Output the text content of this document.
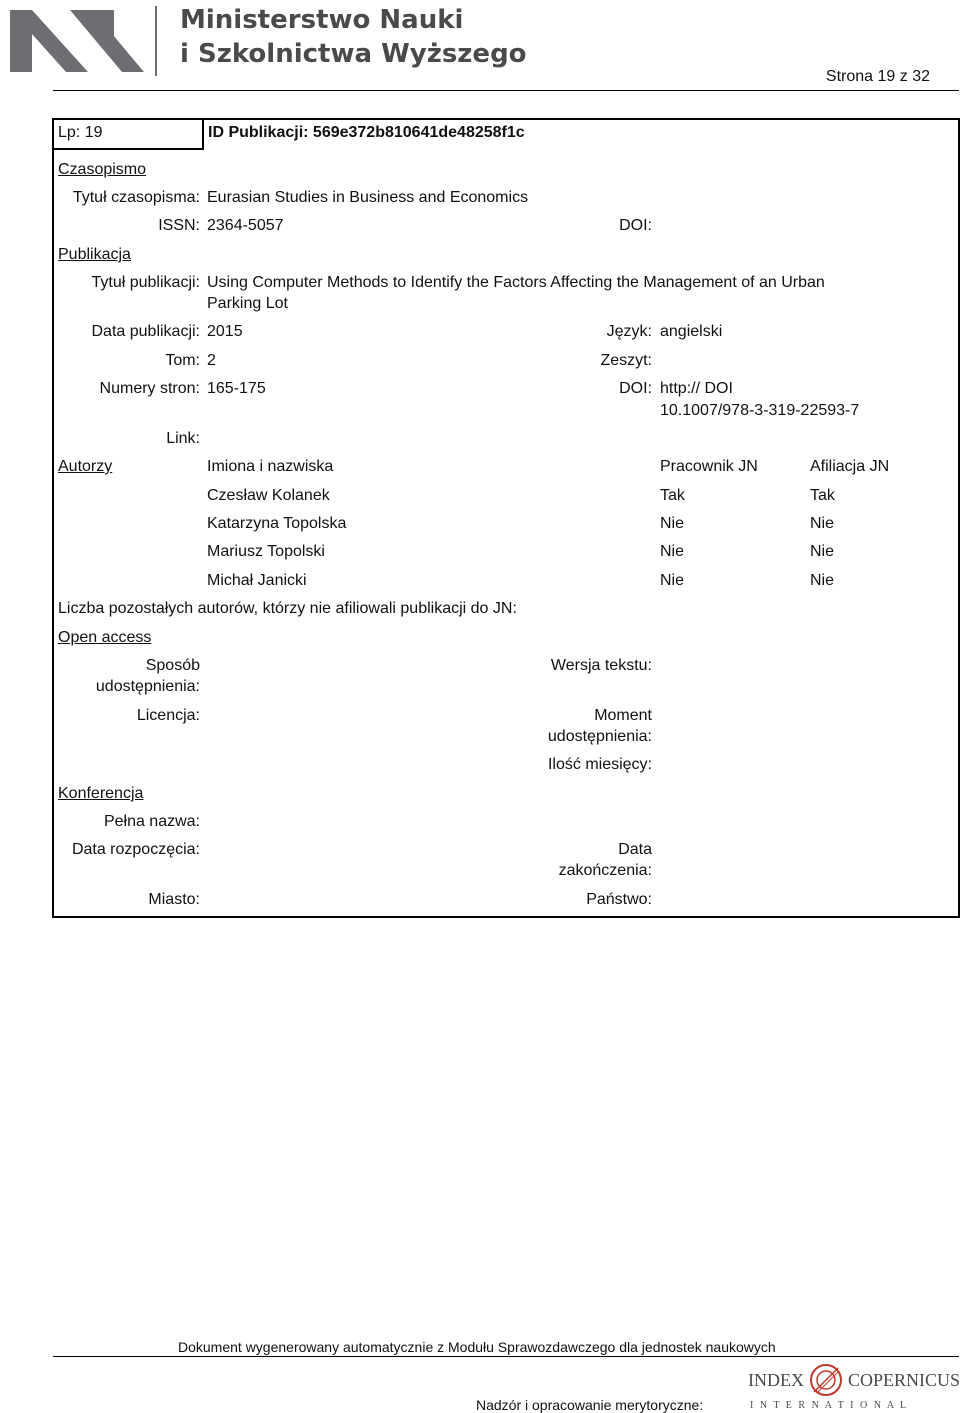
Ministerstwo Nauki
i Szkolnictwa Wyższego
Strona 19 z 32
Lp: 19	ID Publikacji: 569e372b810641de48258f1c
Czasopismo
Tytuł czasopisma: Eurasian Studies in Business and Economics
ISSN: 2364-5057	DOI:
Publikacja
Tytuł publikacji: Using Computer Methods to Identify the Factors Affecting the Management of an Urban
Parking Lot
Data publikacji: 2015	Język: angielski
Tom: 2	Zeszyt:
Numery stron: 165-175	DOI: http:// DOI
10.1007/978-3-319-22593-7
Link:
Autorzy	Imiona i nazwiska	Pracownik JN	Afiliacja JN
Czesław Kolanek	Tak	Tak
Katarzyna Topolska	Nie	Nie
Mariusz Topolski	Nie	Nie
Michał Janicki	Nie	Nie
Liczba pozostałych autorów, którzy nie afiliowali publikacji do JN:
Open access
Sposób
udostępnienia:
Wersja tekstu:
Licencja:	Moment
udostępnienia:
Ilość miesięcy:
Konferencja
Pełna nazwa:
Data rozpoczęcia:	Data
zakończenia:
Miasto:	Państwo:
Dokument wygenerowany automatycznie z Modułu Sprawozdawczego dla jednostek naukowych
Nadzór i opracowanie merytoryczne:
INDEX COPERNICUS
I N T E R N A T I O N A L
